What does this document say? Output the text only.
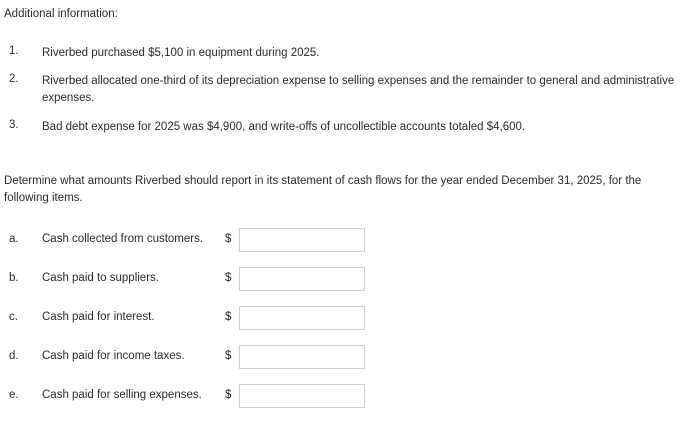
Additional information:
1. Riverbed purchased $5,100 in equipment during 2025.
2. Riverbed allocated one-third of its depreciation expense to selling expenses and the remainder to general and administrative expenses.
3. Bad debt expense for 2025 was $4,900, and write-offs of uncollectible accounts totaled $4,600.
Determine what amounts Riverbed should report in its statement of cash flows for the year ended December 31, 2025, for the following items.
a. Cash collected from customers. $
b. Cash paid to suppliers.	$
c. Cash paid for interest.	$
d. Cash paid for income taxes.	$
e. Cash paid for selling expenses. $
